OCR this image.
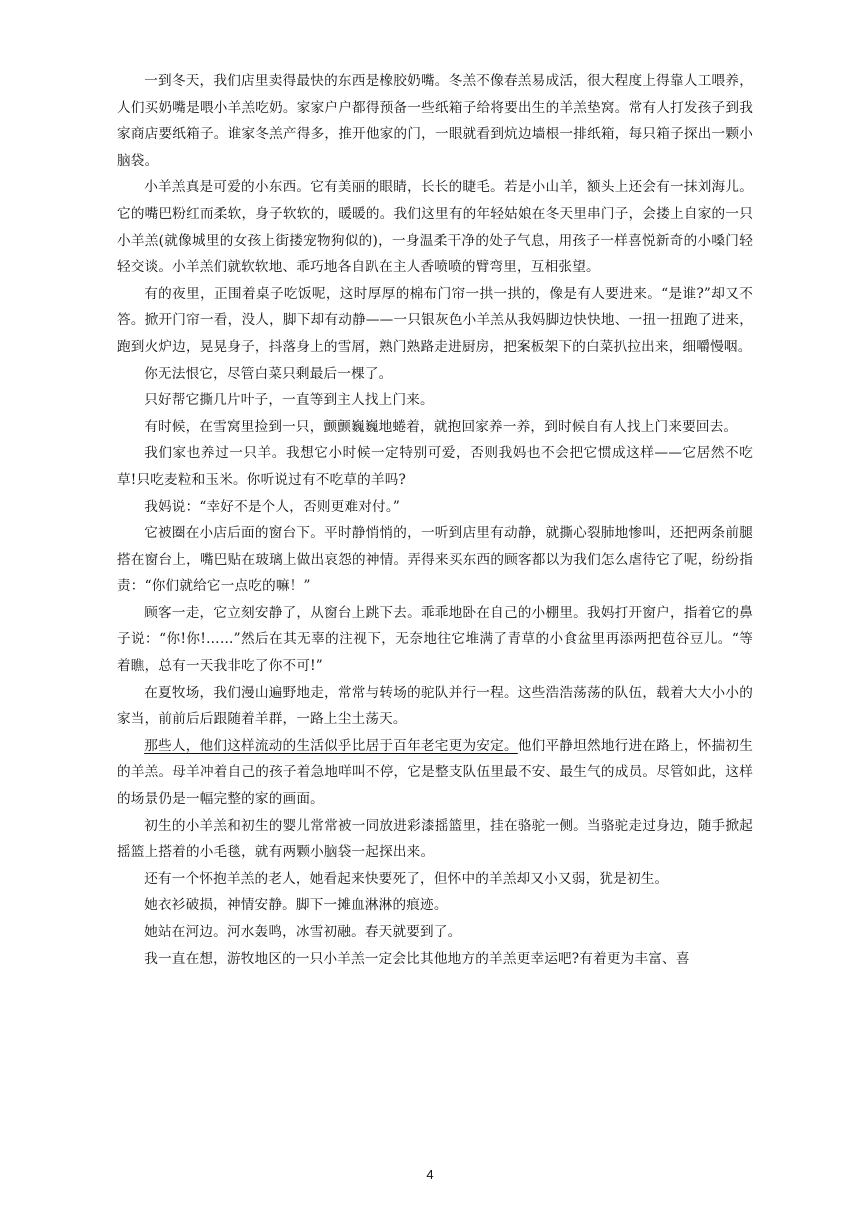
一到冬天，我们店里卖得最快的东西是橡胶奶嘴。冬羔不像春羔易成活，很大程度上得靠人工喂养，人们买奶嘴是喂小羊羔吃奶。家家户户都得预备一些纸箱子给将要出生的羊羔垫窝。常有人打发孩子到我家商店要纸箱子。谁家冬羔产得多，推开他家的门，一眼就看到炕边墙根一排纸箱，每只箱子探出一颗小脑袋。

小羊羔真是可爱的小东西。它有美丽的眼睛，长长的睫毛。若是小山羊，额头上还会有一抹刘海儿。它的嘴巴粉红而柔软，身子软软的，暖暖的。我们这里有的年轻姑娘在冬天里串门子，会搂上自家的一只小羊羔(就像城里的女孩上街搂宠物狗似的)，一身温柔干净的处子气息，用孩子一样喜悦新奇的小嗓门轻轻交谈。小羊羔们就软软地、乖巧地各自趴在主人香喷喷的臂弯里，互相张望。

有的夜里，正围着桌子吃饭呢，这时厚厚的棉布门帘一拱一拱的，像是有人要进来。“是谁?”却又不答。掀开门帘一看，没人，脚下却有动静——一只银灰色小羊羔从我妈脚边快快地、一扭一扭跑了进来，跑到火炉边，晃晃身子，抖落身上的雪屑，熟门熟路走进厨房，把案板架下的白菜扒拉出来，细嚼慢咽。

你无法恨它，尽管白菜只剩最后一棵了。

只好帮它撕几片叶子，一直等到主人找上门来。

有时候，在雪窝里捡到一只，颤颤巍巍地蜷着，就抱回家养一养，到时候自有人找上门来要回去。

我们家也养过一只羊。我想它小时候一定特别可爱，否则我妈也不会把它惯成这样——它居然不吃草!只吃麦粒和玉米。你听说过有不吃草的羊吗?

我妈说：“幸好不是个人，否则更难对付。”

它被圈在小店后面的窗台下。平时静悄悄的，一听到店里有动静，就撕心裂肺地惨叫，还把两条前腿搭在窗台上，嘴巴贴在玻璃上做出哀怨的神情。弄得来买东西的顾客都以为我们怎么虐待它了呢，纷纷指责：“你们就给它一点吃的嘛！”

顾客一走，它立刻安静了，从窗台上跳下去。乖乖地卧在自己的小棚里。我妈打开窗户，指着它的鼻子说：“你!你!……”然后在其无辜的注视下，无奈地往它堆满了青草的小食盆里再添两把苞谷豆儿。“等着瞧，总有一天我非吃了你不可!”

在夏牧场，我们漫山遍野地走，常常与转场的驼队并行一程。这些浩浩荡荡的队伍，载着大大小小的家当，前前后后跟随着羊群，一路上尘土荡天。

那些人，他们这样流动的生活似乎比居于百年老宅更为安定。他们平静坦然地行进在路上，怀揣初生的羊羔。母羊冲着自己的孩子着急地咩叫不停，它是整支队伍里最不安、最生气的成员。尽管如此，这样的场景仍是一幅完整的家的画面。

初生的小羊羔和初生的婴儿常常被一同放进彩漆摇篮里，挂在骆驼一侧。当骆驼走过身边，随手掀起摇篮上搭着的小毛毯，就有两颗小脑袋一起探出来。

还有一个怀抱羊羔的老人，她看起来快要死了，但怀中的羊羔却又小又弱，犹是初生。

她衣衫破损，神情安静。脚下一摊血淋淋的痕迹。

她站在河边。河水轰鸣，冰雪初融。春天就要到了。

我一直在想，游牧地区的一只小羊羔一定会比其他地方的羊羔更幸运吧?有着更为丰富、喜

4
